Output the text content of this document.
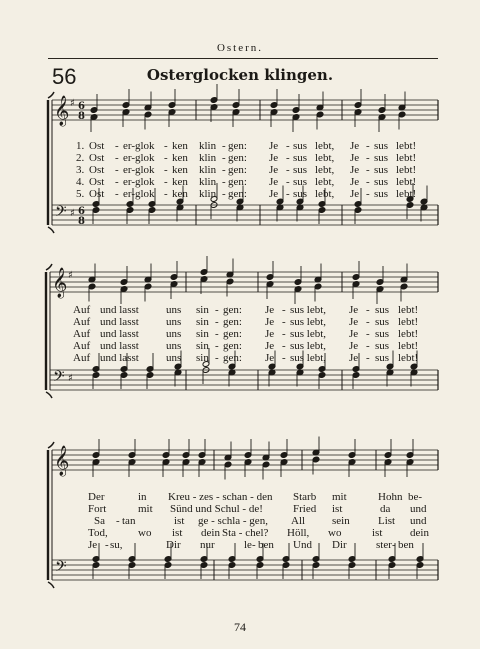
Ostern.
56	Osterglocken klingen.
𝄞
𝄢
♯
♯
6
8
6
8
𝄞
𝄢
♯
♯
𝄞
𝄢
1. Ost - er-glok - ken klin - gen: Je - sus lebt, Je - sus lebt!
2. Ost - er-glok - ken klin - gen: Je - sus lebt, Je - sus lebt!
3. Ost - er-glok - ken klin - gen: Je - sus lebt, Je - sus lebt!
4. Ost - er-glok - ken klin - gen: Je - sus lebt, Je - sus lebt!
5. Ost - er-glok - ken klin - gen: Je - sus lebt, Je - sus lebt!
Auf und lasst uns sin - gen: Je - sus lebt, Je - sus lebt!
Auf und lasst uns sin - gen: Je - sus lebt, Je - sus lebt!
Auf und lasst uns sin - gen: Je - sus lebt, Je - sus lebt!
Auf und lasst uns sin - gen: Je - sus lebt, Je - sus lebt!
Auf und lasst uns sin - gen: Je - sus lebt, Je - sus lebt!
Der	in Kreu - zes - schan - den Starb mit	Hohn be-
Fort	mit Sünd und Schul - de!	Fried ist	da und
Sa - tan	ist ge - schla - gen, All sein	List und
Tod,	wo ist dein Sta - chel? Höll, wo	ist	dein
Je - su,	Dir nur	le - ben Und Dir	ster - ben
74
